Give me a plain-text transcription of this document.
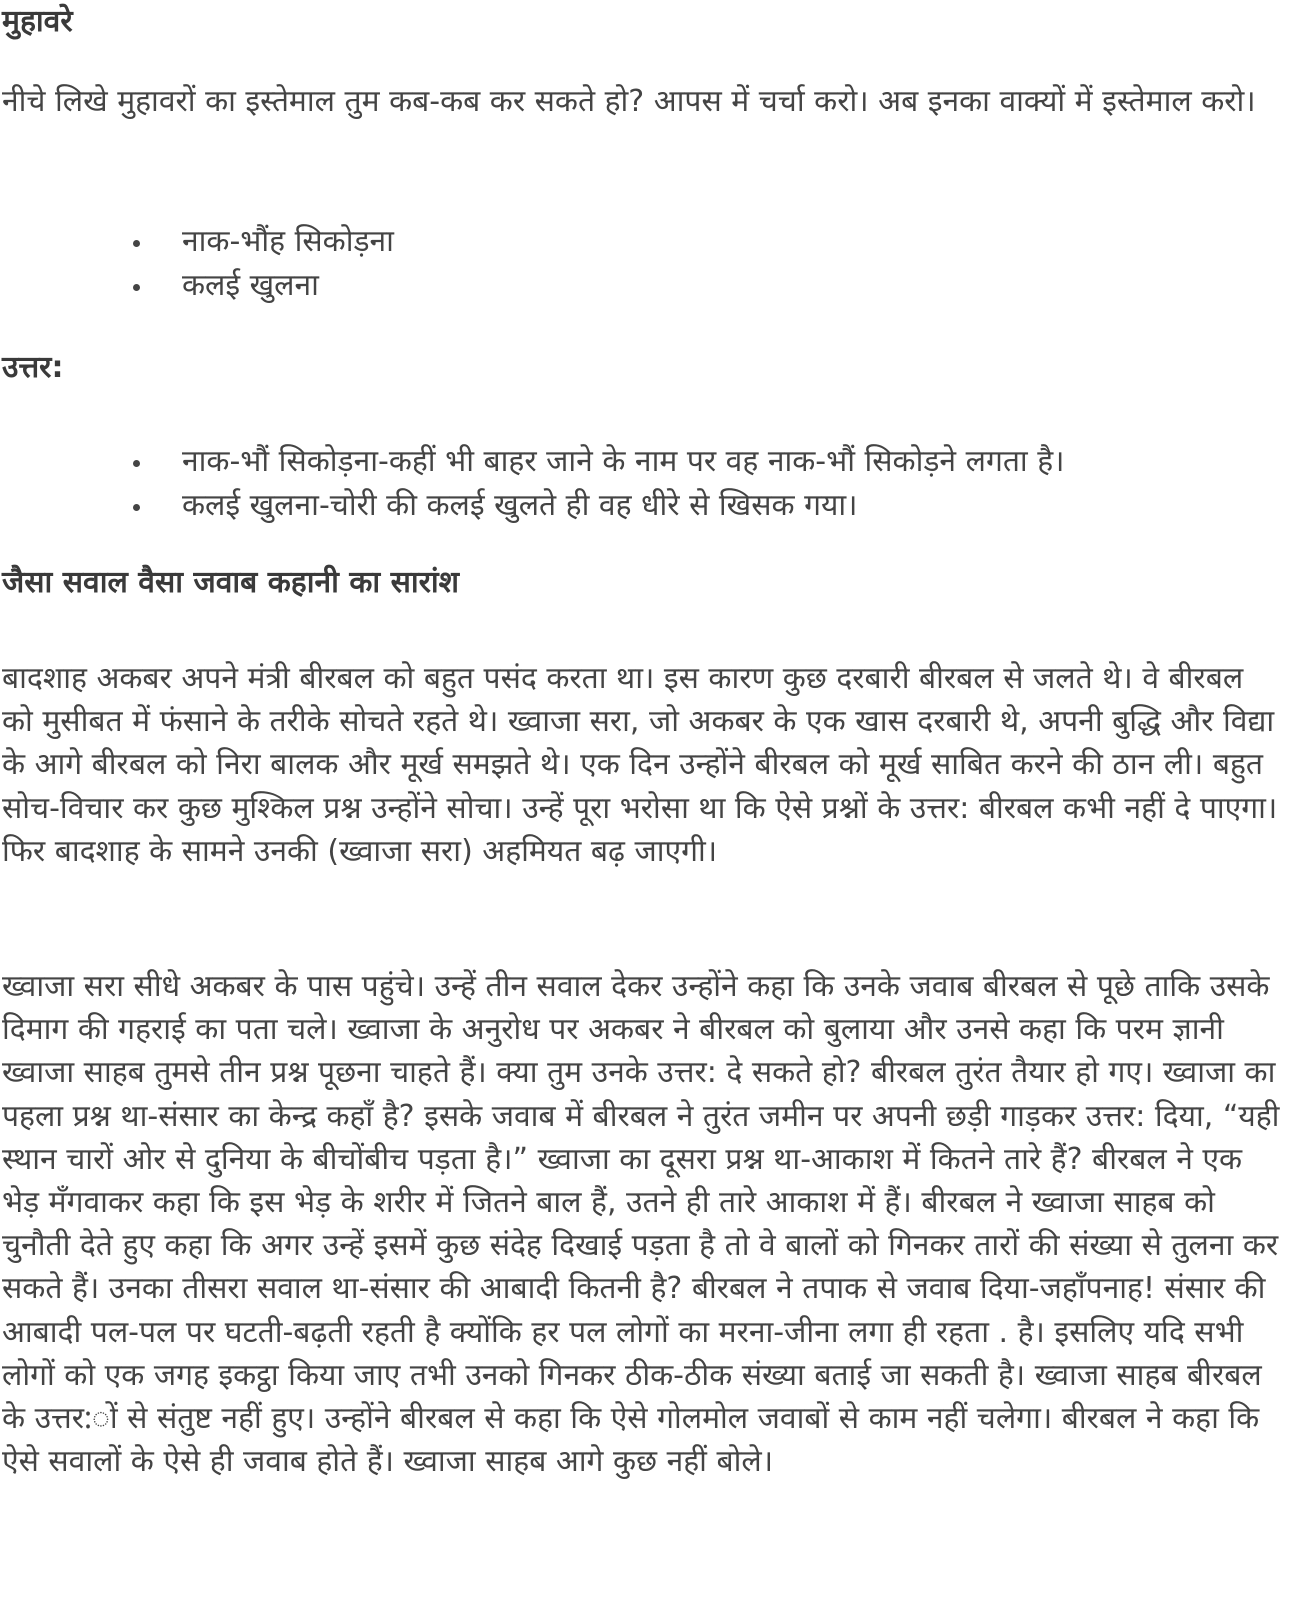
मुहावरे

नीचे लिखे मुहावरों का इस्तेमाल तुम कब-कब कर सकते हो? आपस में चर्चा करो। अब इनका वाक्यों में इस्तेमाल करो।

नाक-भौंह सिकोड़ना
कलई खुलना
उत्तर:
नाक-भौं सिकोड़ना-कहीं भी बाहर जाने के नाम पर वह नाक-भौं सिकोड़ने लगता है।
कलई खुलना-चोरी की कलई खुलते ही वह धीरे से खिसक गया।
जैसा सवाल वैसा जवाब कहानी का सारांश

बादशाह अकबर अपने मंत्री बीरबल को बहुत पसंद करता था। इस कारण कुछ दरबारी बीरबल से जलते थे। वे बीरबल को मुसीबत में फंसाने के तरीके सोचते रहते थे। ख्वाजा सरा, जो अकबर के एक खास दरबारी थे, अपनी बुद्धि और विद्या के आगे बीरबल को निरा बालक और मूर्ख समझते थे। एक दिन उन्होंने बीरबल को मूर्ख साबित करने की ठान ली। बहुत सोच-विचार कर कुछ मुश्किल प्रश्न उन्होंने सोचा। उन्हें पूरा भरोसा था कि ऐसे प्रश्नों के उत्तर: बीरबल कभी नहीं दे पाएगा। फिर बादशाह के सामने उनकी (ख्वाजा सरा) अहमियत बढ़ जाएगी।

ख्वाजा सरा सीधे अकबर के पास पहुंचे। उन्हें तीन सवाल देकर उन्होंने कहा कि उनके जवाब बीरबल से पूछे ताकि उसके दिमाग की गहराई का पता चले। ख्वाजा के अनुरोध पर अकबर ने बीरबल को बुलाया और उनसे कहा कि परम ज्ञानी ख्वाजा साहब तुमसे तीन प्रश्न पूछना चाहते हैं। क्या तुम उनके उत्तर: दे सकते हो? बीरबल तुरंत तैयार हो गए। ख्वाजा का पहला प्रश्न था-संसार का केन्द्र कहाँ है? इसके जवाब में बीरबल ने तुरंत जमीन पर अपनी छड़ी गाड़कर उत्तर: दिया, “यही स्थान चारों ओर से दुनिया के बीचोंबीच पड़ता है।” ख्वाजा का दूसरा प्रश्न था-आकाश में कितने तारे हैं? बीरबल ने एक भेड़ मँगवाकर कहा कि इस भेड़ के शरीर में जितने बाल हैं, उतने ही तारे आकाश में हैं। बीरबल ने ख्वाजा साहब को चुनौती देते हुए कहा कि अगर उन्हें इसमें कुछ संदेह दिखाई पड़ता है तो वे बालों को गिनकर तारों की संख्या से तुलना कर सकते हैं। उनका तीसरा सवाल था-संसार की आबादी कितनी है? बीरबल ने तपाक से जवाब दिया-जहाँपनाह! संसार की आबादी पल-पल पर घटती-बढ़ती रहती है क्योंकि हर पल लोगों का मरना-जीना लगा ही रहता . है। इसलिए यदि सभी लोगों को एक जगह इकट्ठा किया जाए तभी उनको गिनकर ठीक-ठीक संख्या बताई जा सकती है। ख्वाजा साहब बीरबल के उत्तर:ों से संतुष्ट नहीं हुए। उन्होंने बीरबल से कहा कि ऐसे गोलमोल जवाबों से काम नहीं चलेगा। बीरबल ने कहा कि ऐसे सवालों के ऐसे ही जवाब होते हैं। ख्वाजा साहब आगे कुछ नहीं बोले।
